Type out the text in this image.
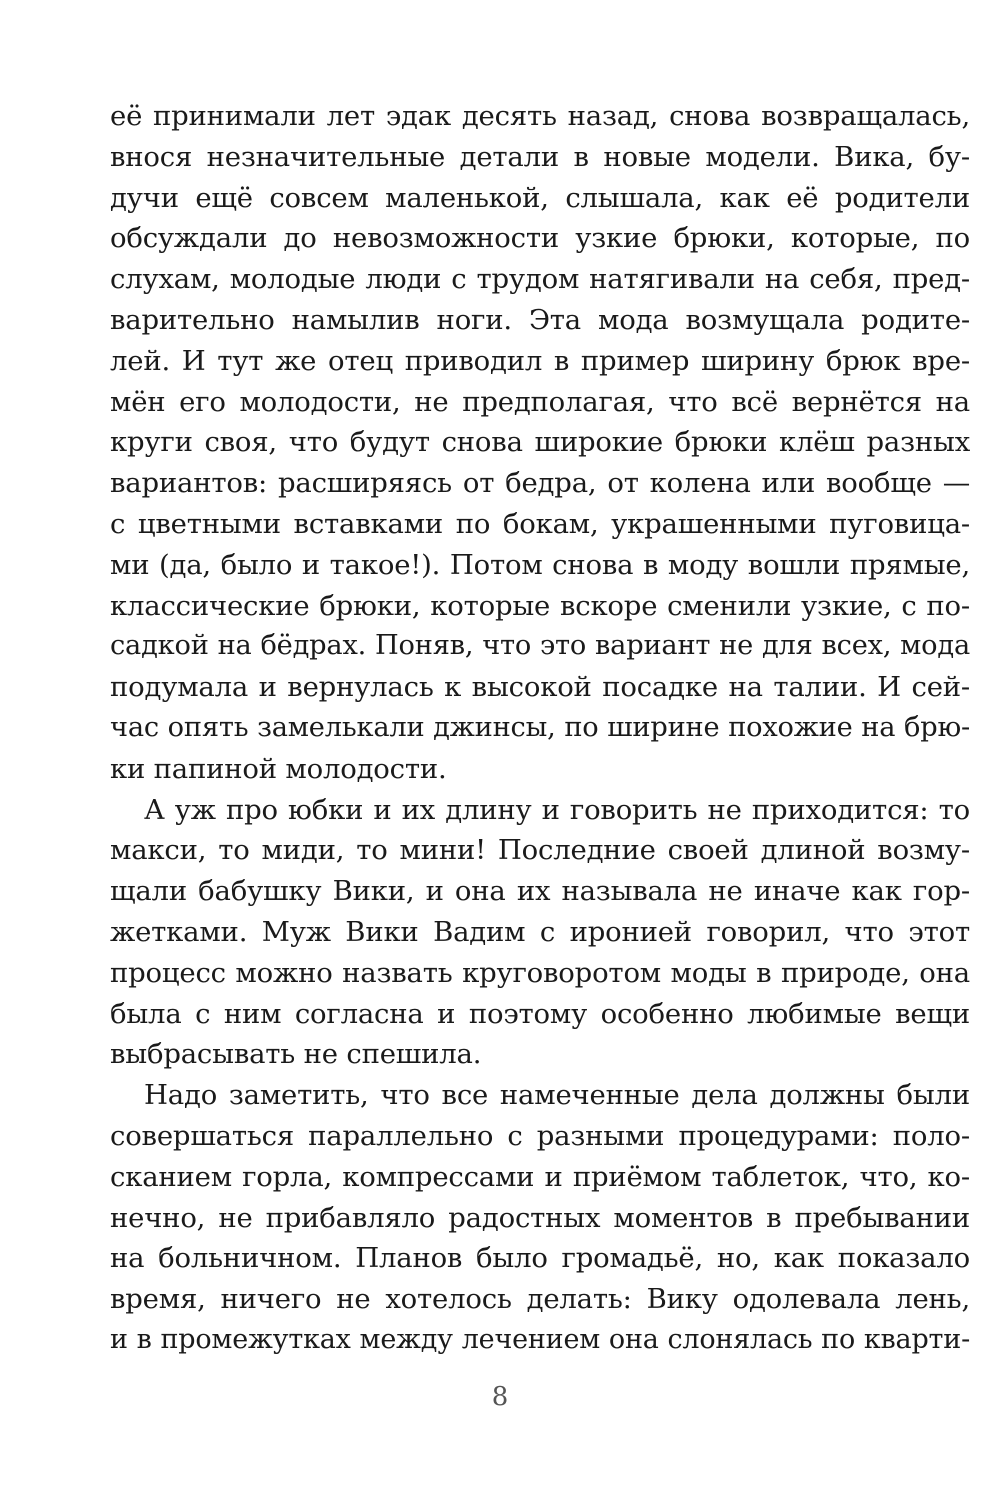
её принимали лет эдак десять назад, снова возвращалась,
внося незначительные детали в новые модели. Вика, бу-
дучи ещё совсем маленькой, слышала, как её родители
обсуждали до невозможности узкие брюки, которые, по
слухам, молодые люди с трудом натягивали на себя, пред-
варительно намылив ноги. Эта мода возмущала родите-
лей. И тут же отец приводил в пример ширину брюк вре-
мён его молодости, не предполагая, что всё вернётся на
круги своя, что будут снова широкие брюки клёш разных
вариантов: расширяясь от бедра, от колена или вообще —
с цветными вставками по бокам, украшенными пуговица-
ми (да, было и такое!). Потом снова в моду вошли прямые,
классические брюки, которые вскоре сменили узкие, с по-
садкой на бёдрах. Поняв, что это вариант не для всех, мода
подумала и вернулась к высокой посадке на талии. И сей-
час опять замелькали джинсы, по ширине похожие на брю-
ки папиной молодости.
А уж про юбки и их длину и говорить не приходится: то
макси, то миди, то мини! Последние своей длиной возму-
щали бабушку Вики, и она их называла не иначе как гор-
жетками. Муж Вики Вадим с иронией говорил, что этот
процесс можно назвать круговоротом моды в природе, она
была с ним согласна и поэтому особенно любимые вещи
выбрасывать не спешила.
Надо заметить, что все намеченные дела должны были
совершаться параллельно с разными процедурами: поло-
сканием горла, компрессами и приёмом таблеток, что, ко-
нечно, не прибавляло радостных моментов в пребывании
на больничном. Планов было громадьё, но, как показало
время, ничего не хотелось делать: Вику одолевала лень,
и в промежутках между лечением она слонялась по кварти-
8
